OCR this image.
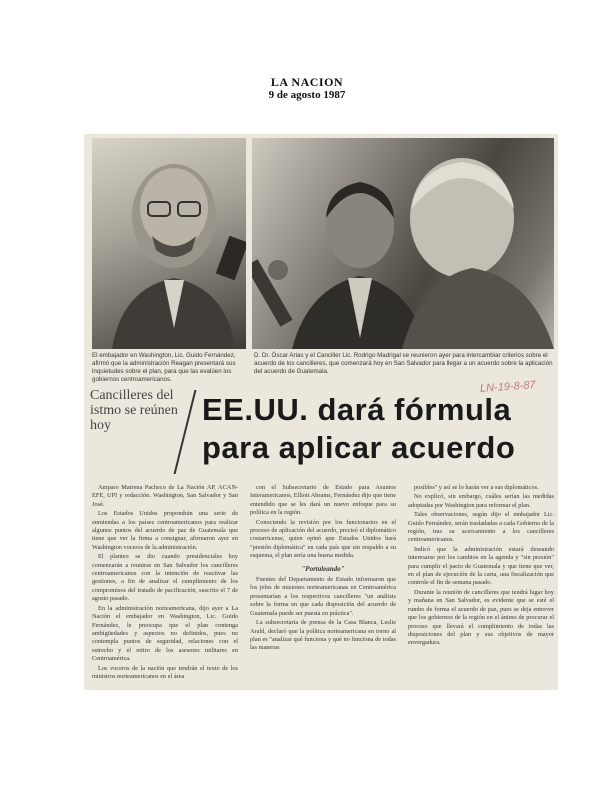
LA NACION
9 de agosto 1987
El embajador en Washington, Lic. Guido Fernández, afirmó que la administración Reagan presentará sus inquietudes sobre el plan, para que las evalúen los gobiernos centroamericanos.
D. Dr. Óscar Arias y el Canciller Lic. Rodrigo Madrigal se reunieron ayer para intercambiar criterios sobre el acuerdo de los cancilleres, que comenzará hoy en San Salvador para llegar a un acuerdo sobre la aplicación del acuerdo de Guatemala.
LN-19-8-87
Cancilleres del istmo se reúnen hoy	EE.UU. dará fórmula para aplicar acuerdo

Amparo Mairena Pacheco de La Nación AP, ACAN-EFE, UPI y redacción. Washington, San Salvador y San José.

Los Estados Unidos propondrán una serie de enmiendas a los países centroamericanos para realizar algunos puntos del acuerdo de paz de Guatemala que tiene que ver la firma a consignar, afirmaron ayer en Washington voceros de la administración.

El planteo se dio cuando presidenciales hoy comenzarán a reunirse en San Salvador los cancilleres centroamericanos con la intención de reactivar las gestiones, a fin de analizar el cumplimiento de los compromisos del tratado de pacificación, suscrito el 7 de agosto pasado.

En la administración norteamericana, dijo ayer a La Nación el embajador en Washington, Lic. Guido Fernández, le preocupa que el plan contenga ambigüedades y aspectos no definidos, pues no contempla puntos de seguridad, relaciones con el estrecho y el retiro de los asesores militares en Centroamérica.

Los voceros de la nación que tendrán el texto de los ministros norteamericanos en el área

con el Subsecretario de Estado para Asuntos Interamericanos, Elliott Abrams, Fernández dijo que tiene entendido que se les dará un nuevo enfoque para su política en la región.

Conociendo la revisión por los funcionarios en el proceso de aplicación del acuerdo, precisó el diplomático costarricense, quien opinó que Estados Unidos hará "presión diplomática" en cada país que sin respaldo a su esquema, el plan sería una buena medida.

"Portaleando"

Fuentes del Departamento de Estado informaron que los jefes de misiones norteamericanas en Centroamérica presentarían a los respectivos cancilleres "un análisis sobre la forma en que cada disposición del acuerdo de Guatemala puede ser puesta en práctica".

La subsecretaria de prensa de la Casa Blanca, Leslie Arahl, declaró que la política norteamericana en torno al plan es "analizar qué funciona y qué no funciona de todas las maneras

posibles" y así se lo harán ver a sus diplomáticos.

No explicó, sin embargo, cuáles serían las medidas adoptadas por Washington para reformar el plan.

Tales observaciones, según dijo el embajador Lic. Guido Fernández, serán trasladadas a cada Gobierno de la región, tras su acercamiento a los cancilleres centroamericanos.

Indicó que la administración estará deseando interesarse por los cambios en la agenda y "sin presión" para cumplir el pacto de Guatemala y que tiene que ver, en el plan de ejecución de la carta, una fiscalización que controle el fin de semana pasado.

Durante la reunión de cancilleres que tendrá lugar hoy y mañana en San Salvador, es evidente que se esté el rumbo de forma el acuerdo de paz, pues se deja entrever que los gobiernos de la región en el ánimo de procurar el proceso que llevará el cumplimiento de todas las disposiciones del plan y sus objetivos de mayor envergadura.
